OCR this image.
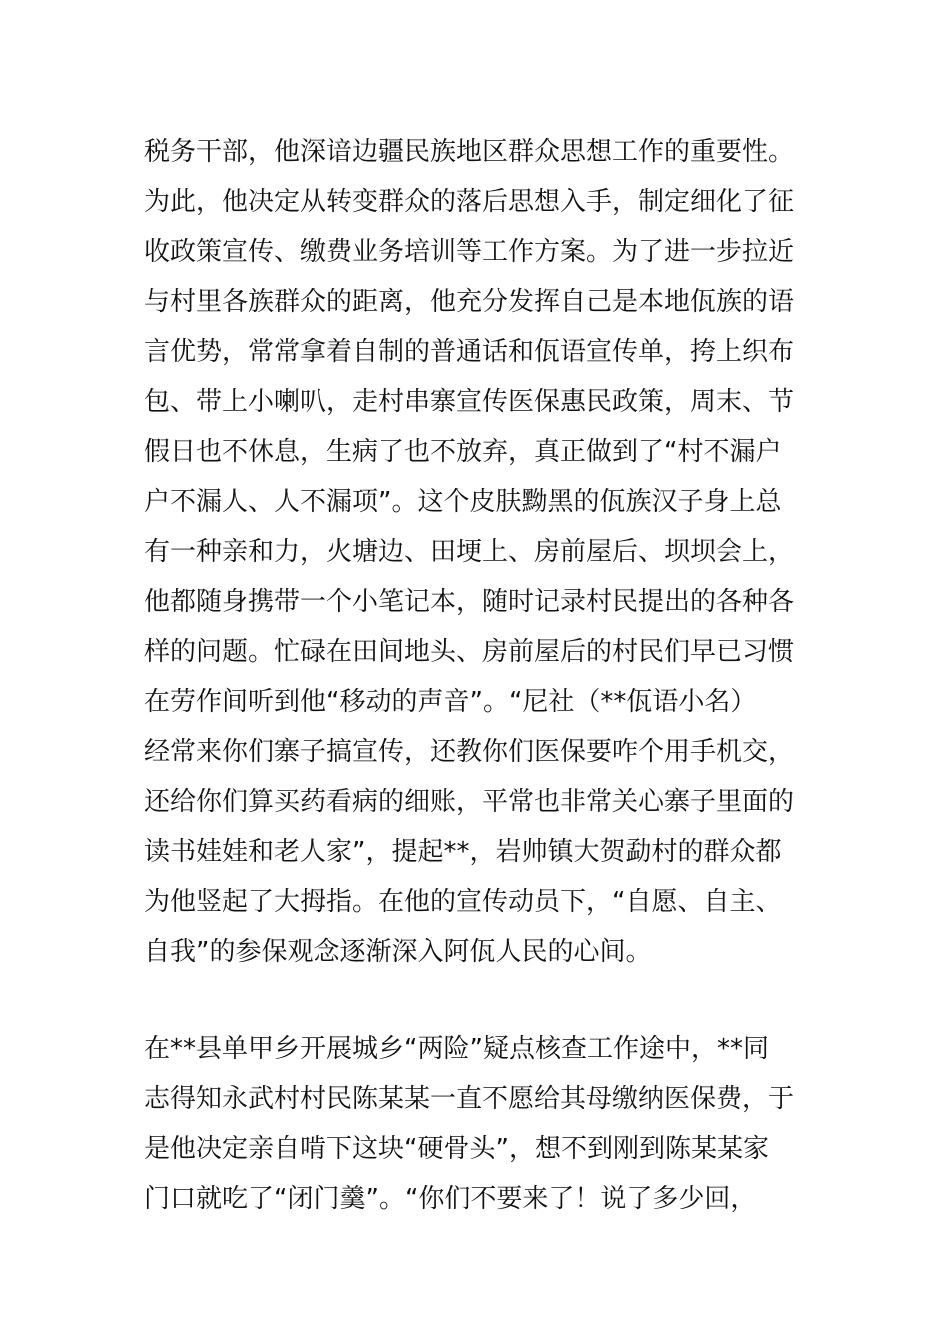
税务干部，他深谙边疆民族地区群众思想工作的重要性。
为此，他决定从转变群众的落后思想入手，制定细化了征
收政策宣传、缴费业务培训等工作方案。为了进一步拉近
与村里各族群众的距离，他充分发挥自己是本地佤族的语
言优势，常常拿着自制的普通话和佤语宣传单，挎上织布
包、带上小喇叭，走村串寨宣传医保惠民政策，周末、节
假日也不休息，生病了也不放弃，真正做到了“村不漏户
户不漏人、人不漏项”。这个皮肤黝黑的佤族汉子身上总
有一种亲和力，火塘边、田埂上、房前屋后、坝坝会上，
他都随身携带一个小笔记本，随时记录村民提出的各种各
样的问题。忙碌在田间地头、房前屋后的村民们早已习惯
在劳作间听到他“移动的声音”。“尼社（**佤语小名）
经常来你们寨子搞宣传，还教你们医保要咋个用手机交，
还给你们算买药看病的细账，平常也非常关心寨子里面的
读书娃娃和老人家”，提起**，岩帅镇大贺勐村的群众都
为他竖起了大拇指。在他的宣传动员下，“自愿、自主、
自我”的参保观念逐渐深入阿佤人民的心间。
在**县单甲乡开展城乡“两险”疑点核查工作途中，**同
志得知永武村村民陈某某一直不愿给其母缴纳医保费，于
是他决定亲自啃下这块“硬骨头”，想不到刚到陈某某家
门口就吃了“闭门羹”。“你们不要来了！说了多少回，
